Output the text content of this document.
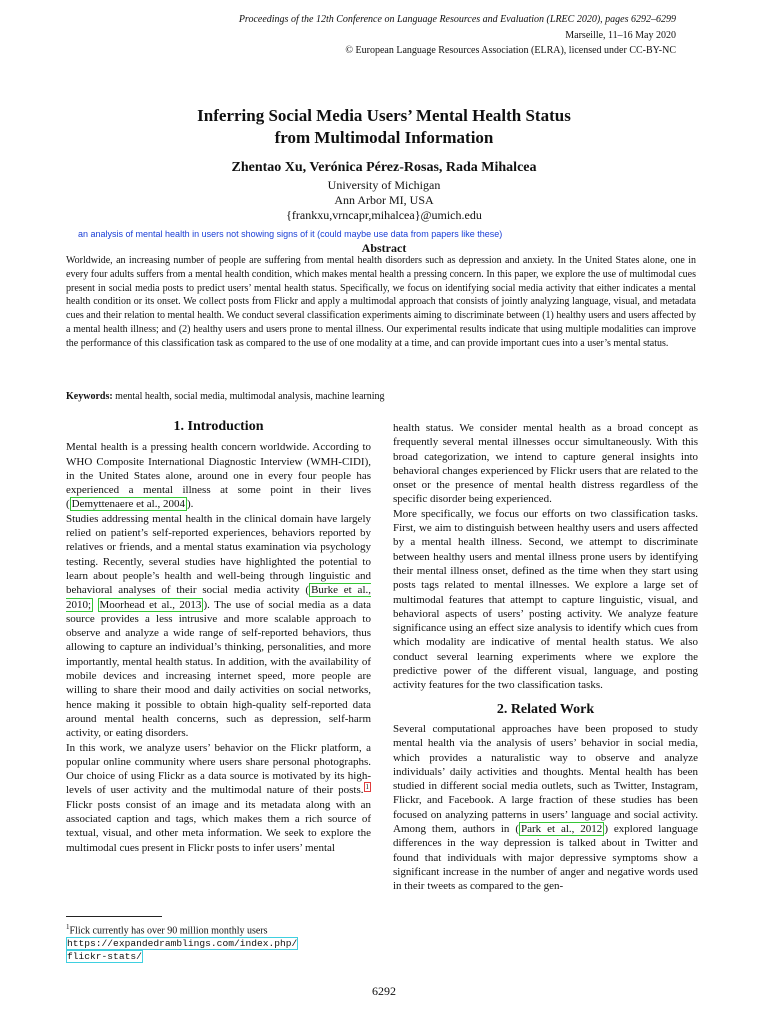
Proceedings of the 12th Conference on Language Resources and Evaluation (LREC 2020), pages 6292–6299
Marseille, 11–16 May 2020
© European Language Resources Association (ELRA), licensed under CC-BY-NC
Inferring Social Media Users’ Mental Health Status
from Multimodal Information
Zhentao Xu, Verónica Pérez-Rosas, Rada Mihalcea
University of Michigan
Ann Arbor MI, USA
{frankxu,vrncapr,mihalcea}@umich.edu
an analysis of mental health in users not showing signs of it (could maybe use data from papers like these)
Abstract
Worldwide, an increasing number of people are suffering from mental health disorders such as depression and anxiety. In the United States alone, one in every four adults suffers from a mental health condition, which makes mental health a pressing concern. In this paper, we explore the use of multimodal cues present in social media posts to predict users’ mental health status. Specifically, we focus on identifying social media activity that either indicates a mental health condition or its onset. We collect posts from Flickr and apply a multimodal approach that consists of jointly analyzing language, visual, and metadata cues and their relation to mental health. We conduct several classification experiments aiming to discriminate between (1) healthy users and users affected by a mental health illness; and (2) healthy users and users prone to mental illness. Our experimental results indicate that using multiple modalities can improve the performance of this classification task as compared to the use of one modality at a time, and can provide important cues into a user’s mental status.
Keywords: mental health, social media, multimodal analysis, machine learning
1. Introduction

Mental health is a pressing health concern worldwide. According to WHO Composite International Diagnostic Interview (WMH-CIDI), in the United States alone, around one in every four people has experienced a mental illness at some point in their lives ( Demyttenaere et al., 2004 ).

Studies addressing mental health in the clinical domain have largely relied on patient’s self-reported experiences, behaviors reported by relatives or friends, and a mental status examination via psychology testing. Recently, several studies have highlighted the potential to learn about people’s health and well-being through linguistic and behavioral analyses of their social media activity ( Burke et al., 2010; Moorhead et al., 2013 ). The use of social media as a data source provides a less intrusive and more scalable approach to observe and analyze a wide range of self-reported behaviors, thus allowing to capture an individual’s thinking, personalities, and more importantly, mental health status. In addition, with the availability of mobile devices and increasing internet speed, more people are willing to share their mood and daily activities on social networks, hence making it possible to obtain high-quality self-reported data around mental health concerns, such as depression, self-harm activity, or eating disorders.

In this work, we analyze users’ behavior on the Flickr platform, a popular online community where users share personal photographs. Our choice of using Flickr as a data source is motivated by its high-levels of user activity and the multimodal nature of their posts. $^1$ Flickr posts consist of an image and its metadata along with an associated caption and tags, which makes them a rich source of textual, visual, and other meta information. We seek to explore the multimodal cues present in Flickr posts to infer users’ mental

health status. We consider mental health as a broad concept as frequently several mental illnesses occur simultaneously. With this broad categorization, we intend to capture general insights into behavioral changes experienced by Flickr users that are related to the onset or the presence of mental health distress regardless of the specific disorder being experienced.

More specifically, we focus our efforts on two classification tasks. First, we aim to distinguish between healthy users and users affected by a mental health illness. Second, we attempt to discriminate between healthy users and mental illness prone users by identifying their mental illness onset, defined as the time when they start using posts tags related to mental illnesses. We explore a large set of multimodal features that attempt to capture linguistic, visual, and behavioral aspects of users’ posting activity. We analyze feature significance using an effect size analysis to identify which cues from which modality are indicative of mental health status. We also conduct several learning experiments where we explore the predictive power of the different visual, language, and posting activity features for the two classification tasks.

2. Related Work

Several computational approaches have been proposed to study mental health via the analysis of users’ behavior in social media, which provides a naturalistic way to observe and analyze individuals’ daily activities and thoughts. Mental health has been studied in different social media outlets, such as Twitter, Instagram, Flickr, and Facebook. A large fraction of these studies has been focused on analyzing patterns in users’ language and social activity. Among them, authors in ( Park et al., 2012 ) explored language differences in the way depression is talked about in Twitter and found that individuals with major depressive symptoms show a significant increase in the number of anger and negative words used in their tweets as compared to the gen-

$^1$Flick currently has over 90 million monthly users
https://expandedramblings.com/index.php/
flickr-stats/
6292
